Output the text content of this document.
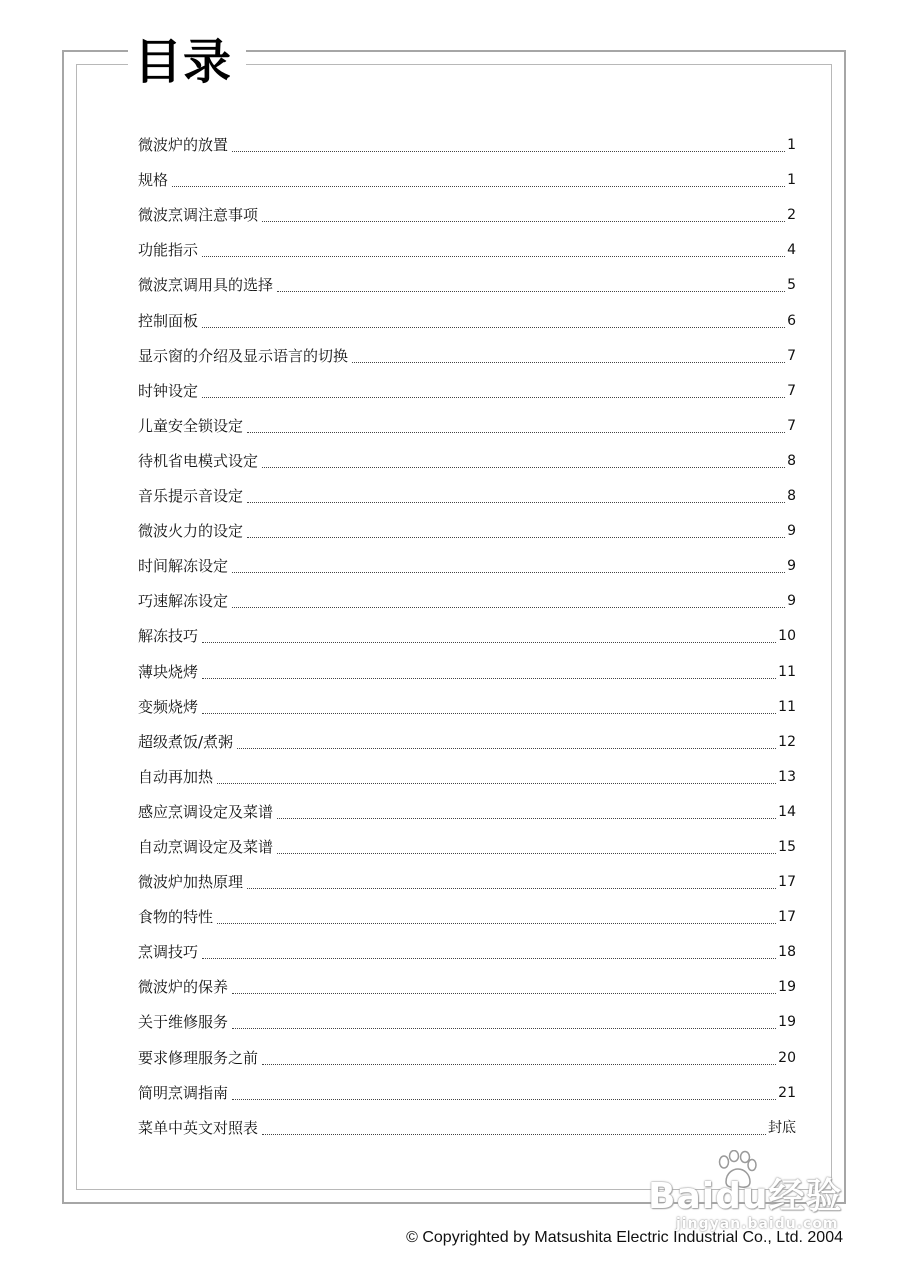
目录
微波炉的放置	1
规格	1
微波烹调注意事项	2
功能指示	4
微波烹调用具的选择	5
控制面板	6
显示窗的介绍及显示语言的切换	7
时钟设定	7
儿童安全锁设定	7
待机省电模式设定	8
音乐提示音设定	8
微波火力的设定	9
时间解冻设定	9
巧速解冻设定	9
解冻技巧	10
薄块烧烤	11
变频烧烤	11
超级煮饭/煮粥	12
自动再加热	13
感应烹调设定及菜谱	14
自动烹调设定及菜谱	15
微波炉加热原理	17
食物的特性	17
烹调技巧	18
微波炉的保养	19
关于维修服务	19
要求修理服务之前	20
简明烹调指南	21
菜单中英文对照表	封底
Baidu经验
jingyan.baidu.com
© Copyrighted by Matsushita Electric Industrial Co., Ltd. 2004
